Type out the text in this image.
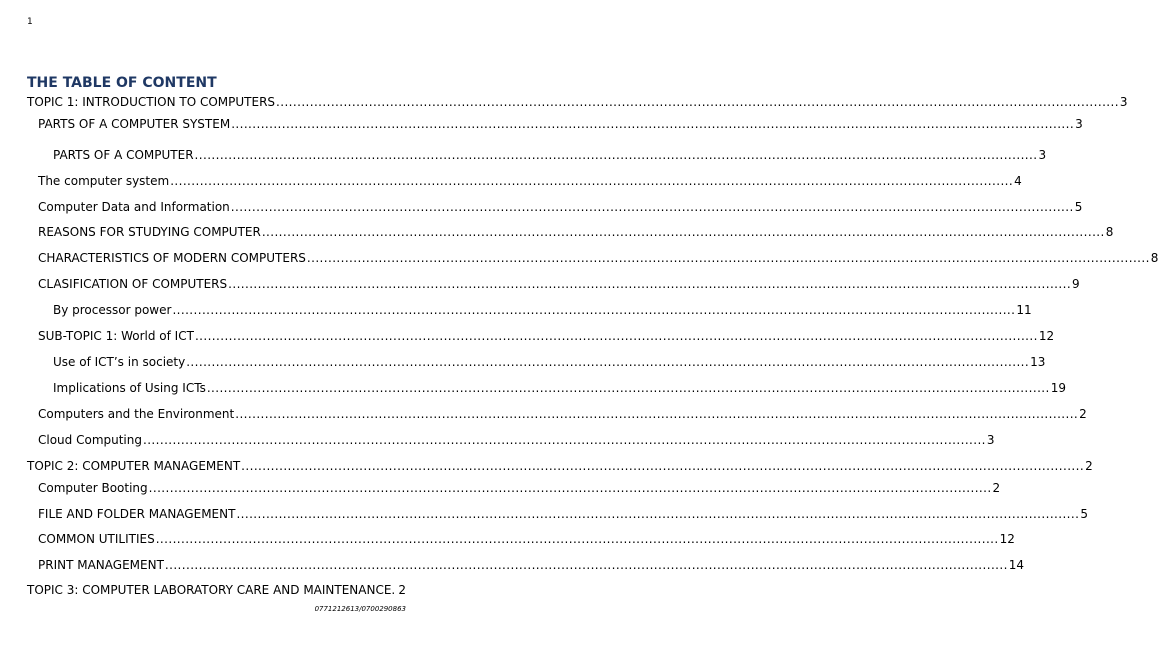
1
THE TABLE OF CONTENT
TOPIC 1: INTRODUCTION TO COMPUTERS ........................................................................................................................................................................................................ 3
PARTS OF A COMPUTER SYSTEM ........................................................................................................................................................................................................ 3
PARTS OF A COMPUTER ........................................................................................................................................................................................................ 3
The computer system ........................................................................................................................................................................................................ 4
Computer Data and Information ........................................................................................................................................................................................................ 5
REASONS FOR STUDYING COMPUTER ........................................................................................................................................................................................................ 8
CHARACTERISTICS OF MODERN COMPUTERS ........................................................................................................................................................................................................ 8
CLASIFICATION OF COMPUTERS ........................................................................................................................................................................................................ 9
By processor power ........................................................................................................................................................................................................ 11
SUB-TOPIC 1: World of ICT ........................................................................................................................................................................................................ 12
Use of ICT’s in society ........................................................................................................................................................................................................ 13
Implications of Using ICTs ........................................................................................................................................................................................................ 19
Computers and the Environment ........................................................................................................................................................................................................ 2
Cloud Computing ........................................................................................................................................................................................................ 3
TOPIC 2: COMPUTER MANAGEMENT ........................................................................................................................................................................................................ 2
Computer Booting ........................................................................................................................................................................................................ 2
FILE AND FOLDER MANAGEMENT ........................................................................................................................................................................................................ 5
COMMON UTILITIES ........................................................................................................................................................................................................ 12
PRINT MANAGEMENT ........................................................................................................................................................................................................ 14
TOPIC 3: COMPUTER LABORATORY CARE AND MAINTENANCE. 2
0771212613/0700290863
